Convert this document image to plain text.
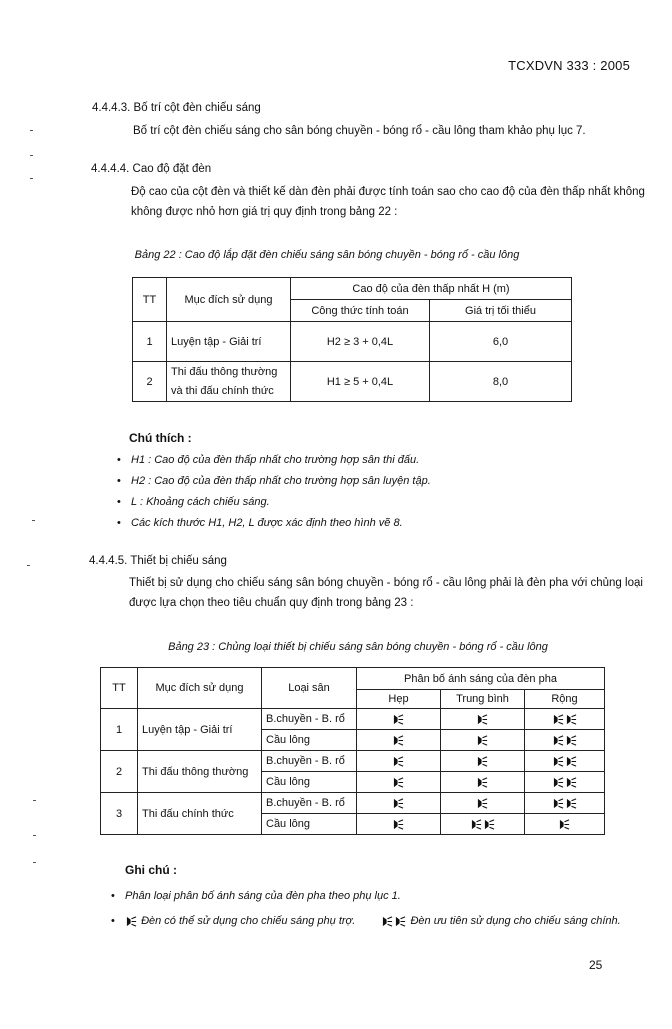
TCXDVN 333 : 2005
4.4.4.3. Bố trí cột đèn chiếu sáng
Bố trí cột đèn chiếu sáng cho sân bóng chuyền - bóng rổ - cầu lông tham khảo phụ lục 7.
4.4.4.4. Cao độ đặt đèn
Độ cao của cột đèn và thiết kế dàn đèn phải được tính toán sao cho cao độ của đèn thấp nhất không
không được nhỏ hơn giá trị quy định trong bảng 22 :
Bảng 22 : Cao độ lắp đặt đèn chiếu sáng sân bóng chuyền - bóng rổ - cầu lông
TT	Mục đích sử dụng	Cao độ của đèn thấp nhất H (m)	
		Công thức tính toán	Giá trị tối thiểu
1	Luyện tập - Giải trí	H2 ≥ 3 + 0,4L	6,0
2	Thi đấu thông thường
và thi đấu chính thức	H1 ≥ 5 + 0,4L	8,0
Chú thích :
• H1 : Cao độ của đèn thấp nhất cho trường hợp sân thi đấu.
• H2 : Cao độ của đèn thấp nhất cho trường hợp sân luyện tập.
• L : Khoảng cách chiếu sáng.
• Các kích thước H1, H2, L được xác định theo hình vẽ 8.
4.4.4.5. Thiết bị chiếu sáng
Thiết bị sử dụng cho chiếu sáng sân bóng chuyền - bóng rổ - cầu lông phải là đèn pha với chủng loại
được lựa chọn theo tiêu chuẩn quy định trong bảng 23 :
Bảng 23 : Chủng loại thiết bị chiếu sáng sân bóng chuyền - bóng rổ - cầu lông
TT	Mục đích sử dụng	Loại sân	Phân bố ánh sáng của đèn pha		
			Hẹp	Trung bình	Rộng
1	Luyện tập - Giải trí	B.chuyền - B. rổ			
		Cầu lông			
2	Thi đấu thông thường	B.chuyền - B. rổ			
		Cầu lông			
3	Thi đấu chính thức	B.chuyền - B. rổ			
		Cầu lông			
Ghi chú :
• Phân loại phân bố ánh sáng của đèn pha theo phụ lục 1.
• Đèn có thể sử dụng cho chiếu sáng phụ trợ.	Đèn ưu tiên sử dụng cho chiếu sáng chính.
25
